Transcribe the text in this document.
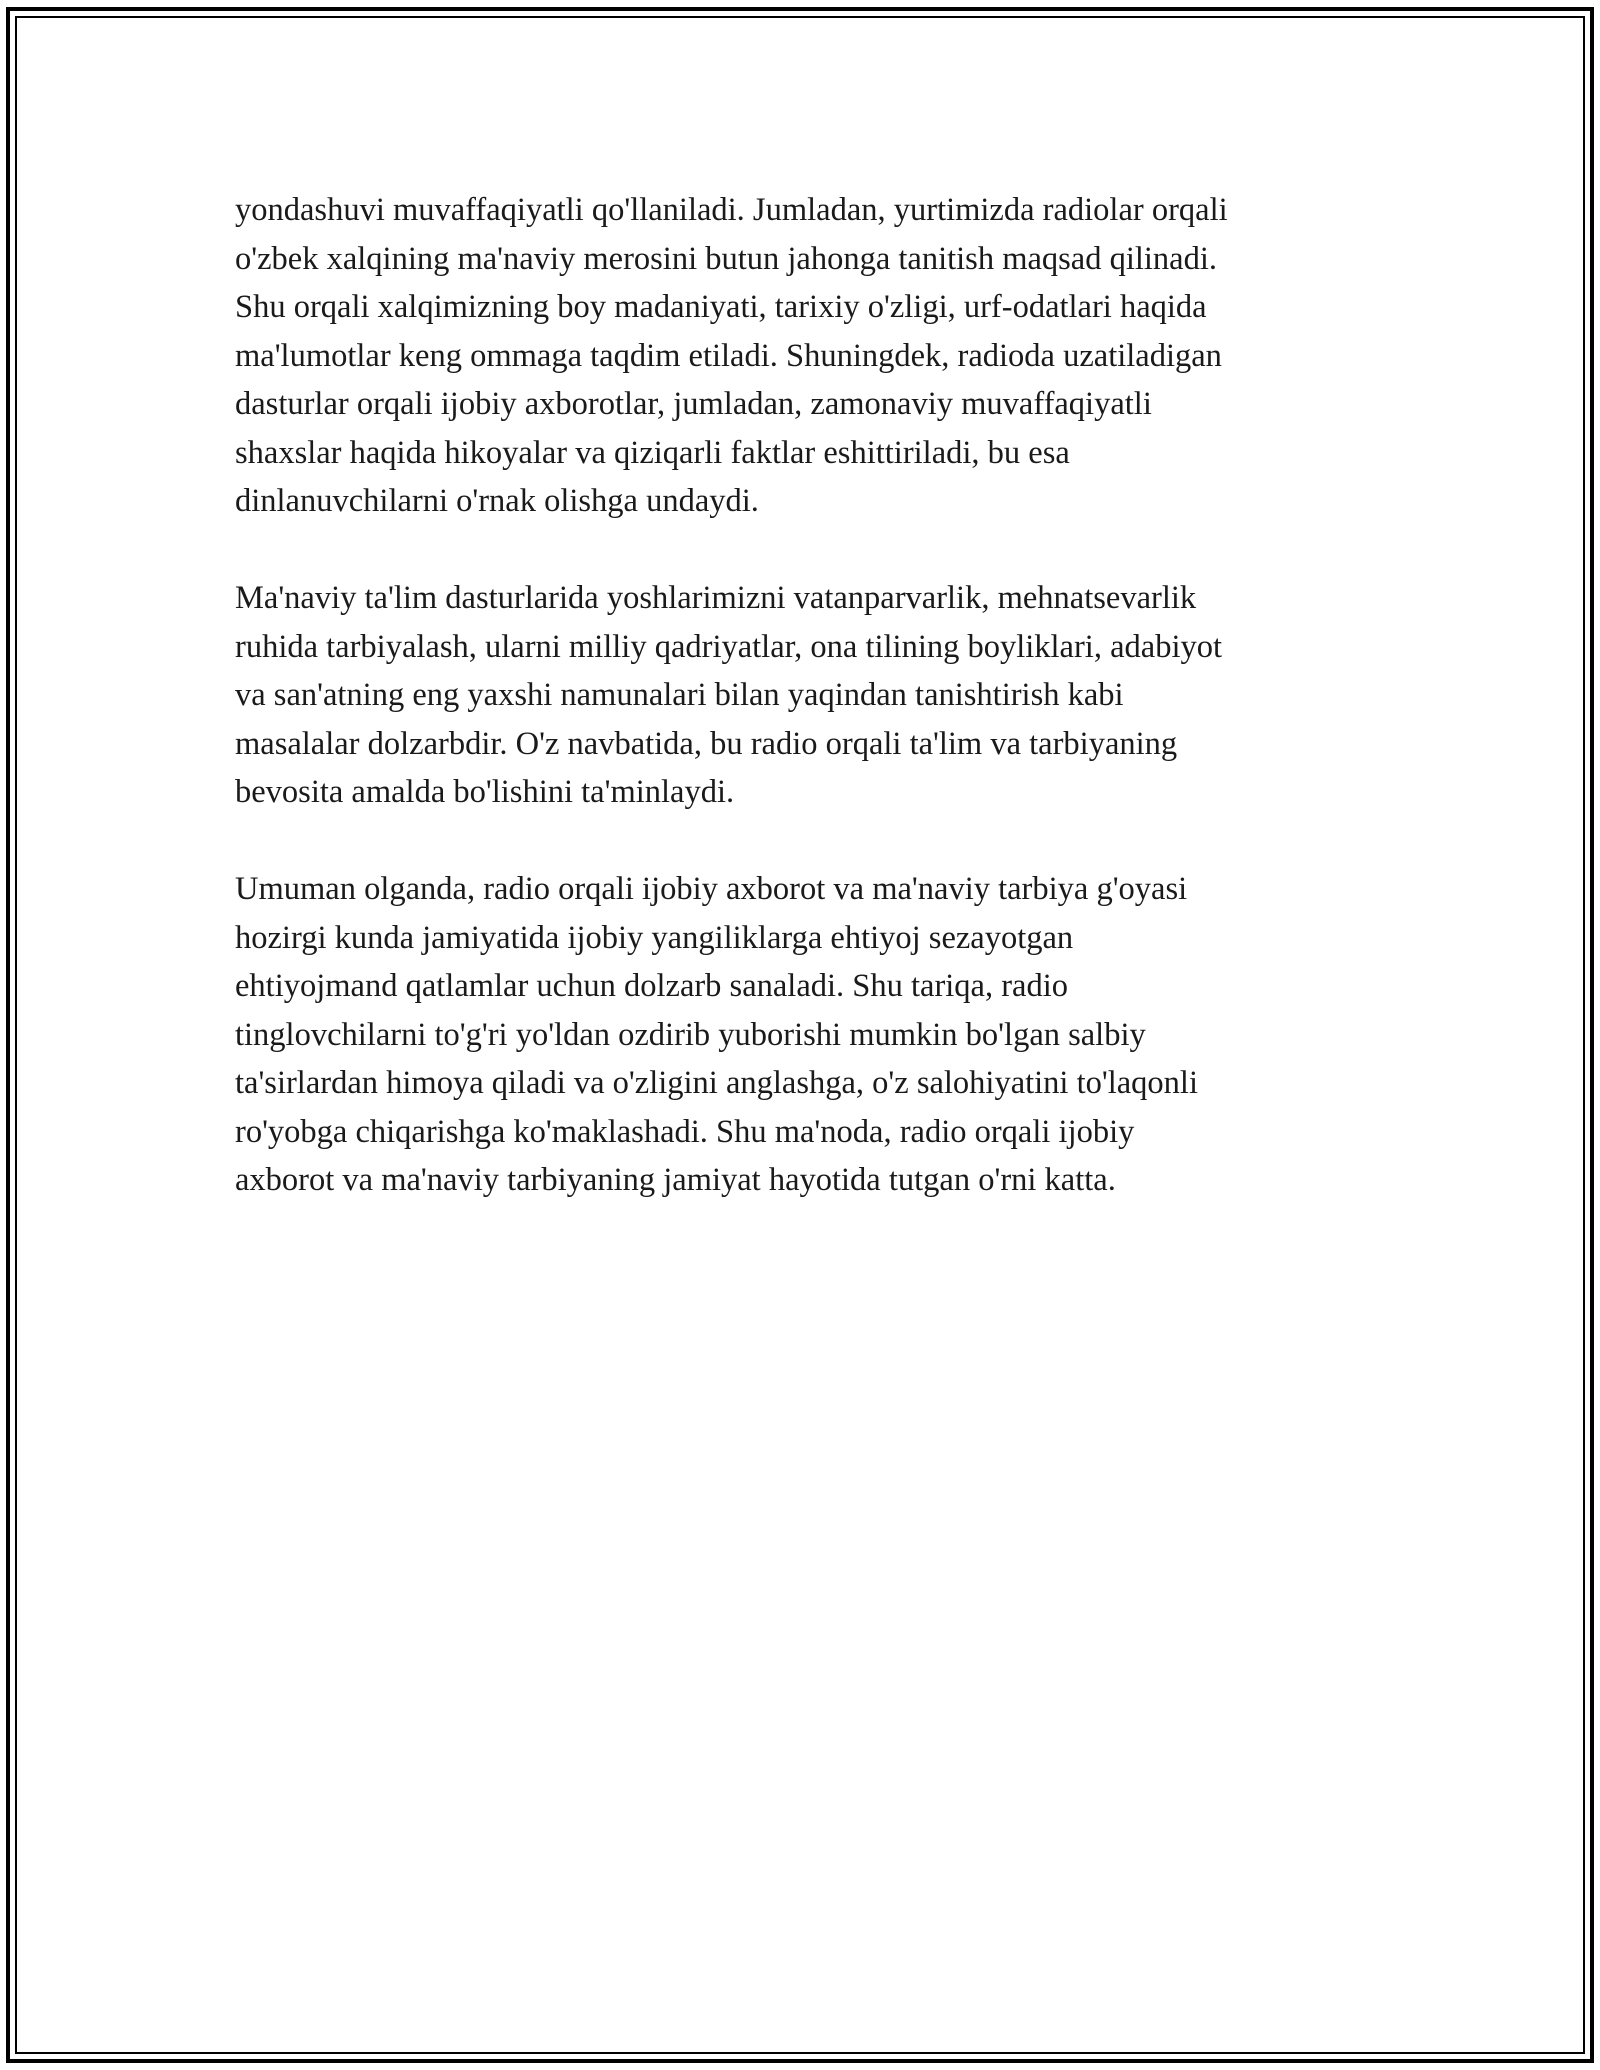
yondashuvi muvaffaqiyatli qo'llaniladi. Jumladan, yurtimizda radiolar orqali
o'zbek xalqining ma'naviy merosini butun jahonga tanitish maqsad qilinadi.
Shu orqali xalqimizning boy madaniyati, tarixiy o'zligi, urf-odatlari haqida
ma'lumotlar keng ommaga taqdim etiladi. Shuningdek, radioda uzatiladigan
dasturlar orqali ijobiy axborotlar, jumladan, zamonaviy muvaffaqiyatli
shaxslar haqida hikoyalar va qiziqarli faktlar eshittiriladi, bu esa
dinlanuvchilarni o'rnak olishga undaydi.

Ma'naviy ta'lim dasturlarida yoshlarimizni vatanparvarlik, mehnatsevarlik
ruhida tarbiyalash, ularni milliy qadriyatlar, ona tilining boyliklari, adabiyot
va san'atning eng yaxshi namunalari bilan yaqindan tanishtirish kabi
masalalar dolzarbdir. O'z navbatida, bu radio orqali ta'lim va tarbiyaning
bevosita amalda bo'lishini ta'minlaydi.

Umuman olganda, radio orqali ijobiy axborot va ma'naviy tarbiya g'oyasi
hozirgi kunda jamiyatida ijobiy yangiliklarga ehtiyoj sezayotgan
ehtiyojmand qatlamlar uchun dolzarb sanaladi. Shu tariqa, radio
tinglovchilarni to'g'ri yo'ldan ozdirib yuborishi mumkin bo'lgan salbiy
ta'sirlardan himoya qiladi va o'zligini anglashga, o'z salohiyatini to'laqonli
ro'yobga chiqarishga ko'maklashadi. Shu ma'noda, radio orqali ijobiy
axborot va ma'naviy tarbiyaning jamiyat hayotida tutgan o'rni katta.
